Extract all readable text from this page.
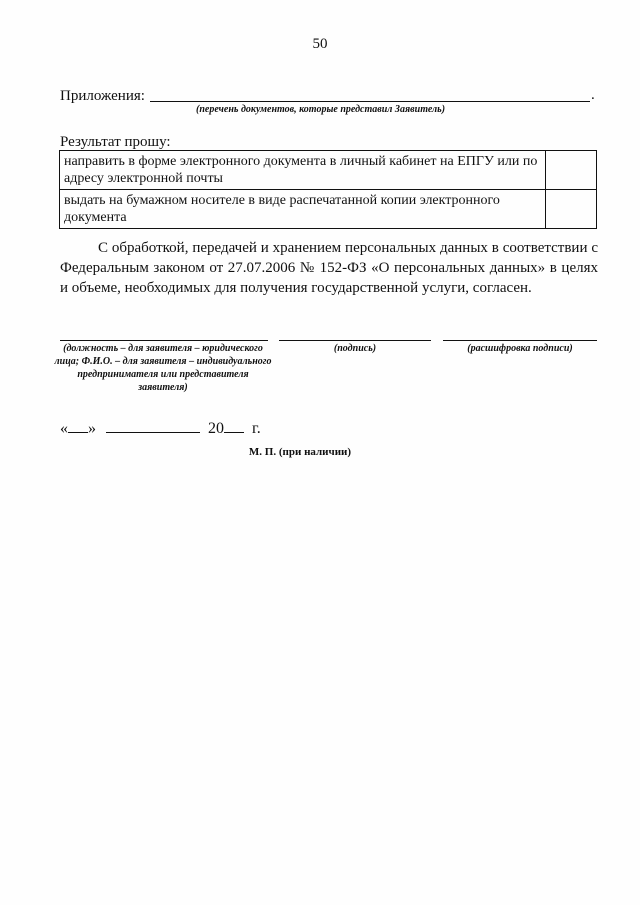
50
Приложения:	.
(перечень документов, которые представил Заявитель)
Результат прошу:
направить в форме электронного документа в личный кабинет на ЕПГУ или по адресу электронной почты	
выдать на бумажном носителе в виде распечатанной копии электронного документа	
С обработкой, передачей и хранением персональных данных в соответствии с Федеральным законом от 27.07.2006 № 152-ФЗ «О персональных данных» в целях и объеме, необходимых для получения государственной услуги, согласен.
(должность – для заявителя – юридического лица; Ф.И.О. – для заявителя – индивидуального предпринимателя или представителя заявителя)
(подпись)	(расшифровка подписи)
« »	20 г.
М. П. (при наличии)
